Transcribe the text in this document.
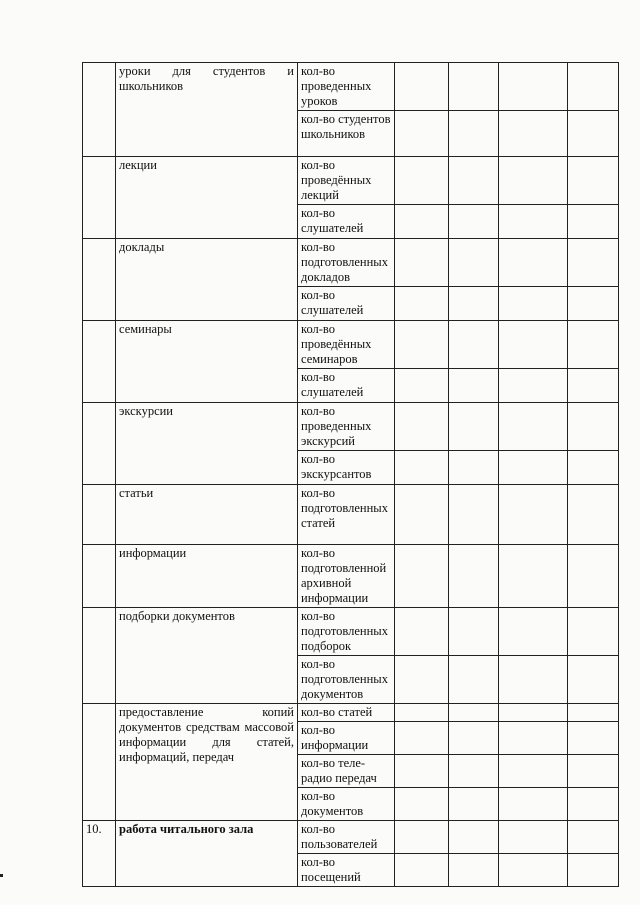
	уроки для студентов и школьников	кол-во проведенных уроков				
		кол-во студентов школьников				
	лекции	кол-во проведённых лекций				
		кол-во слушателей				
	доклады	кол-во подготовленных докладов				
		кол-во слушателей				
	семинары	кол-во проведённых семинаров				
		кол-во слушателей				
	экскурсии	кол-во проведенных экскурсий				
		кол-во экскурсантов				
	статьи	кол-во подготовленных статей				
	информации	кол-во подготовленной архивной информации				
	подборки документов	кол-во подготовленных подборок				
		кол-во подготовленных документов				
	предоставление копий документов средствам массовой информации для статей, информаций, передач	кол-во статей				
		кол-во информации				
		кол-во теле-радио передач				
		кол-во документов				
10.	работа читального зала	кол-во пользователей				
		кол-во посещений				
